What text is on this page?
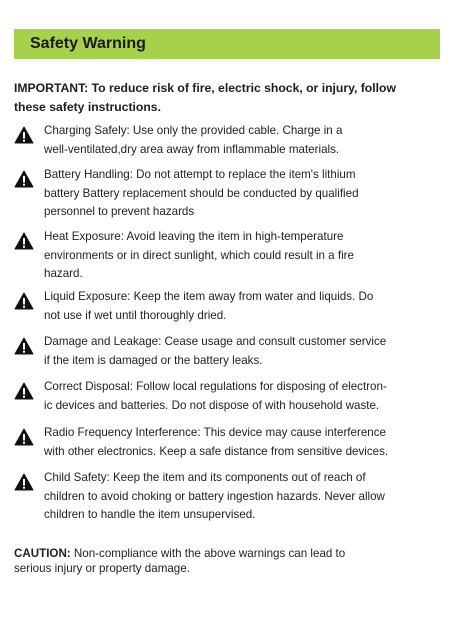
Safety Warning
IMPORTANT: To reduce risk of fire, electric shock, or injury, follow
these safety instructions.
Charging Safely: Use only the provided cable. Charge in a
well-ventilated,dry area away from inflammable materials.
Battery Handling: Do not attempt to replace the item's lithium
battery Battery replacement should be conducted by qualified
personnel to prevent hazards
Heat Exposure: Avoid leaving the item in high-temperature
environments or in direct sunlight, which could result in a fire
hazard.
Liquid Exposure: Keep the item away from water and liquids. Do
not use if wet until thoroughly dried.
Damage and Leakage: Cease usage and consult customer service
if the item is damaged or the battery leaks.
Correct Disposal: Follow local regulations for disposing of electron-
ic devices and batteries. Do not dispose of with household waste.
Radio Frequency Interference: This device may cause interference
with other electronics. Keep a safe distance from sensitive devices.
Child Safety: Keep the item and its components out of reach of
children to avoid choking or battery ingestion hazards. Never allow
children to handle the item unsupervised.
CAUTION: Non-compliance with the above warnings can lead to
serious injury or property damage.
